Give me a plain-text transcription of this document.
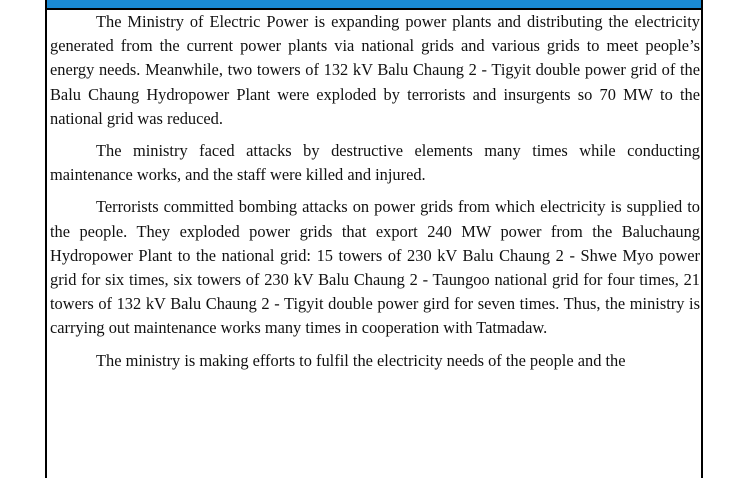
The Ministry of Electric Power is expanding power plants and distributing the electricity generated from the current power plants via national grids and various grids to meet people’s energy needs. Meanwhile, two towers of 132 kV Balu Chaung 2 - Tigyit double power grid of the Balu Chaung Hydropower Plant were exploded by terrorists and insurgents so 70 MW to the national grid was reduced.

The ministry faced attacks by destructive elements many times while conducting maintenance works, and the staff were killed and injured.

Terrorists committed bombing attacks on power grids from which electricity is supplied to the people. They exploded power grids that export 240 MW power from the Baluchaung Hydropower Plant to the national grid: 15 towers of 230 kV Balu Chaung 2 - Shwe Myo power grid for six times, six towers of 230 kV Balu Chaung 2 - Taungoo national grid for four times, 21 towers of 132 kV Balu Chaung 2 - Tigyit double power gird for seven times. Thus, the ministry is carrying out maintenance works many times in cooperation with Tatmadaw.

The ministry is making efforts to fulfil the electricity needs of the people and the
